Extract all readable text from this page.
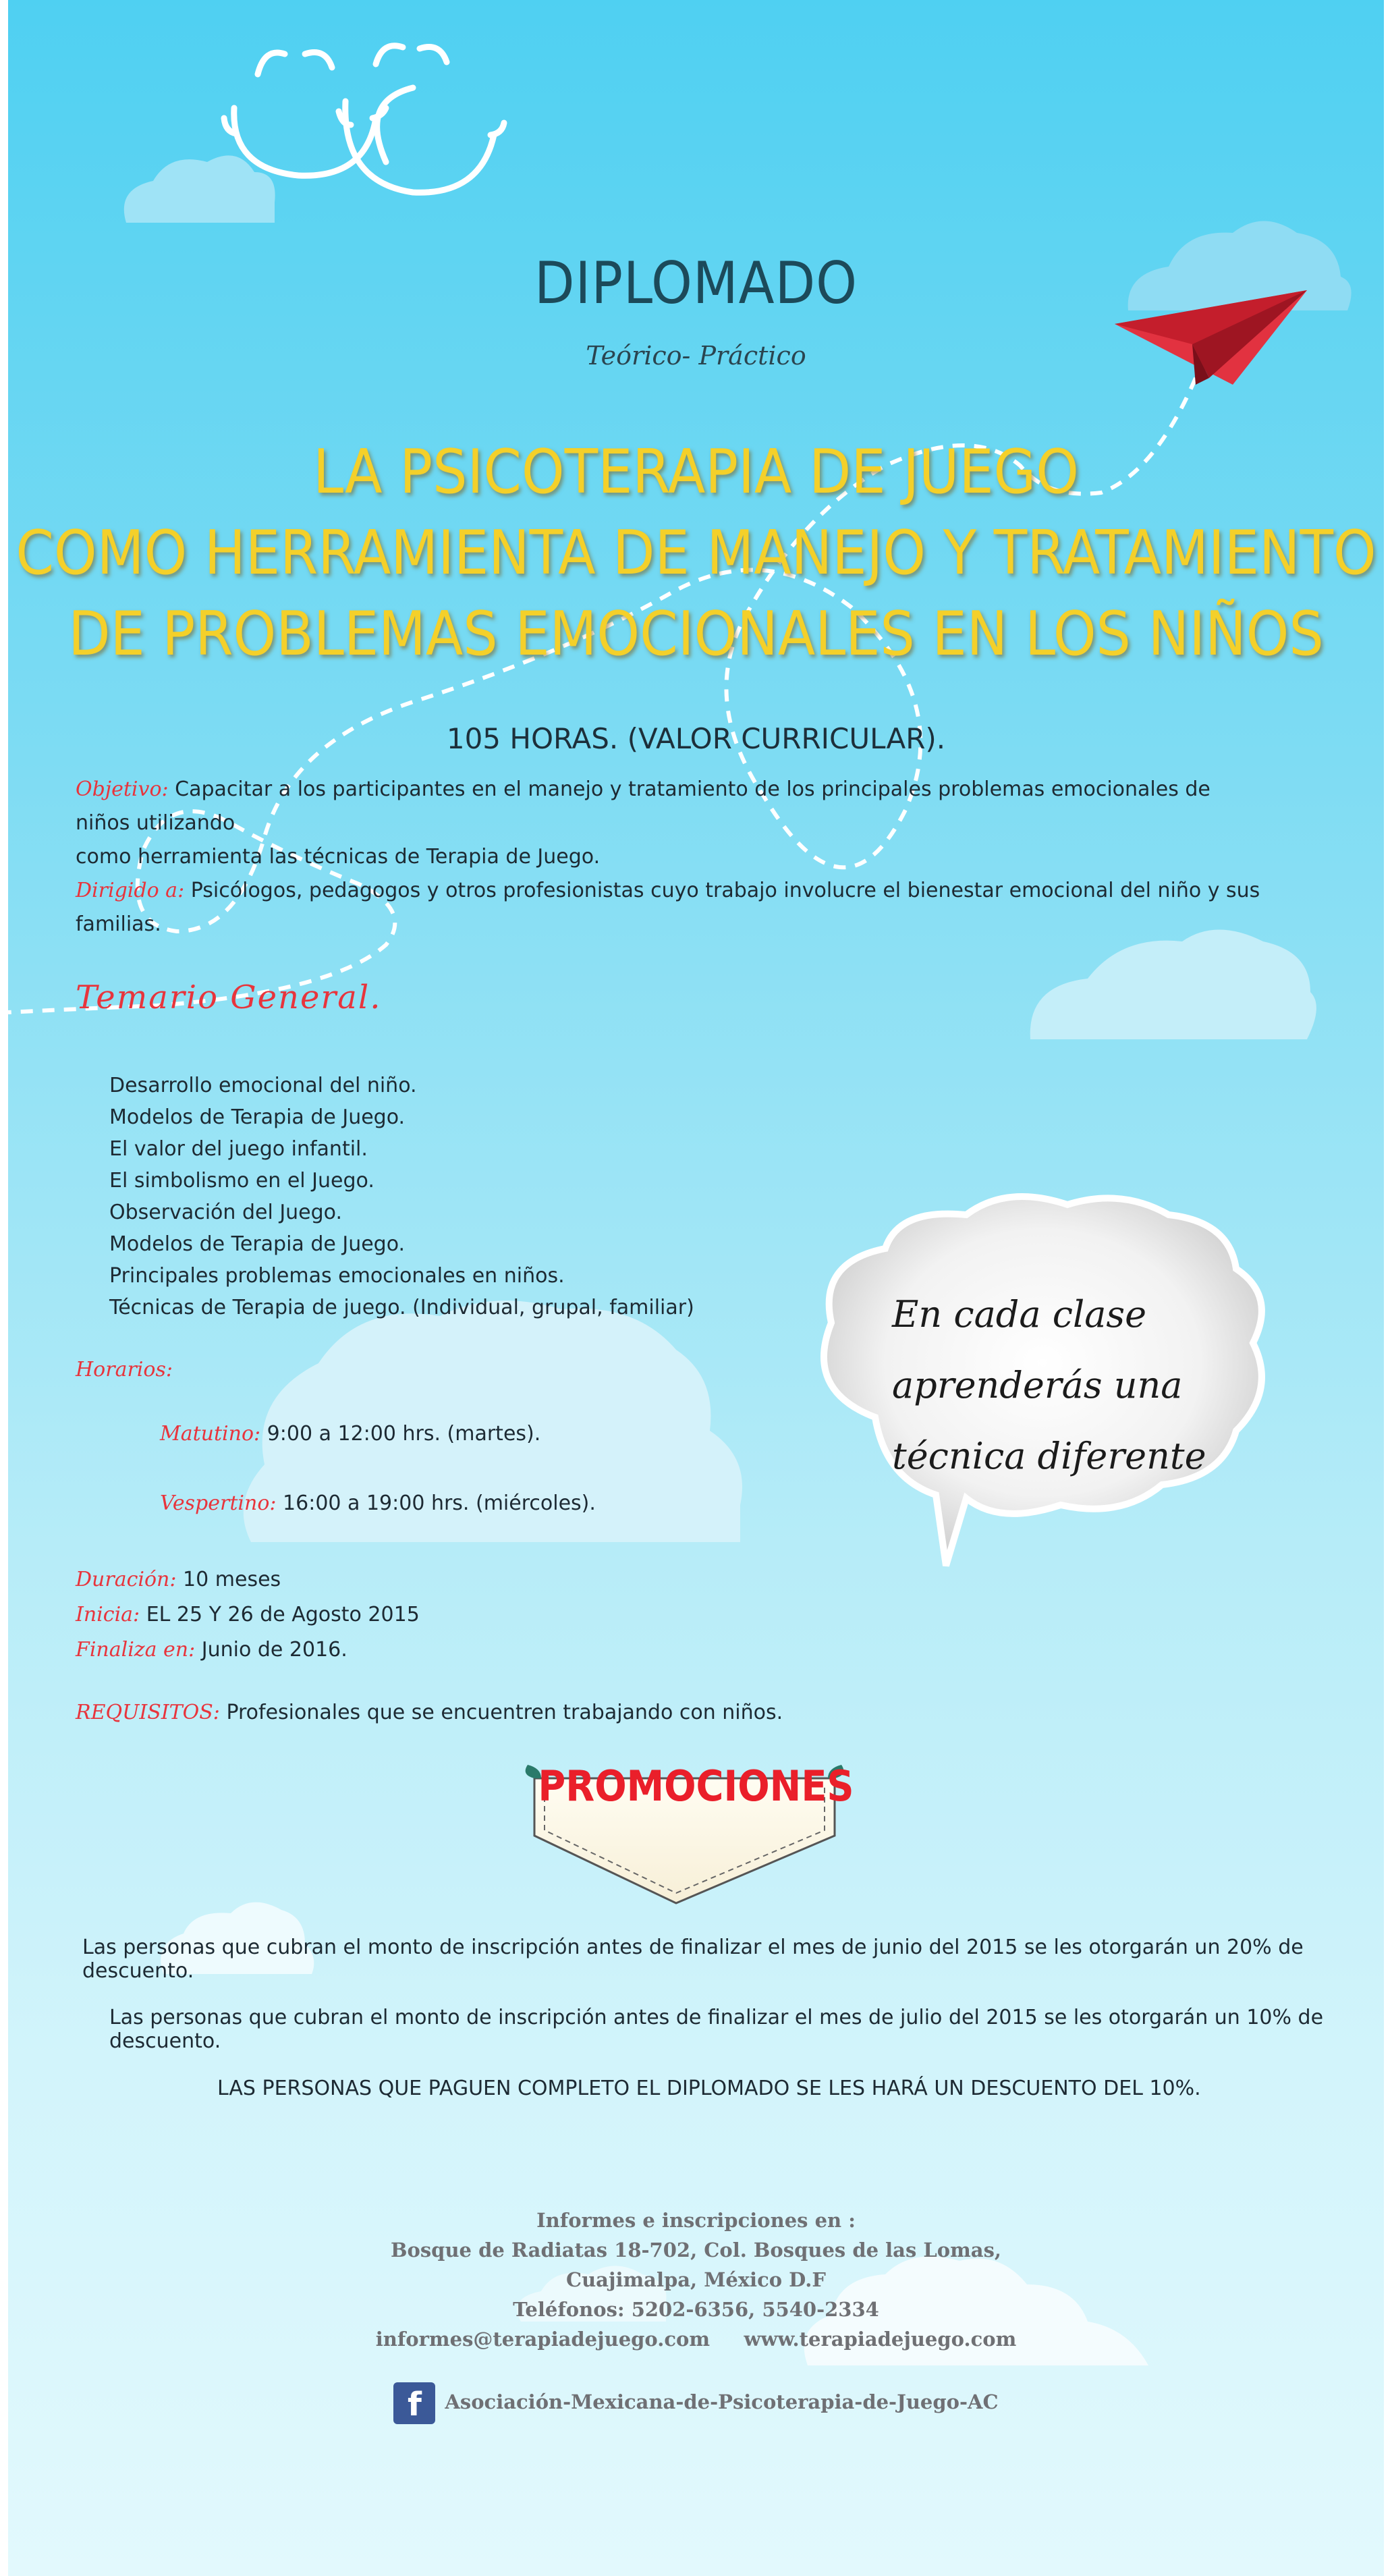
DIPLOMADO
Teórico- Práctico
LA PSICOTERAPIA DE JUEGO
COMO HERRAMIENTA DE MANEJO Y TRATAMIENTO
DE PROBLEMAS EMOCIONALES EN LOS NIÑOS
105 HORAS. (VALOR CURRICULAR).
Objetivo: Capacitar a los participantes en el manejo y tratamiento de los principales problemas emocionales de niños utilizando
como herramienta las técnicas de Terapia de Juego.
Dirigido a: Psicólogos, pedagogos y otros profesionistas cuyo trabajo involucre el bienestar emocional del niño y sus familias.
Temario General.
Desarrollo emocional del niño.
Modelos de Terapia de Juego.
El valor del juego infantil.
El simbolismo en el Juego.
Observación del Juego.
Modelos de Terapia de Juego.
Principales problemas emocionales en niños.
Técnicas de Terapia de juego. (Individual, grupal, familiar)
Horarios:
Matutino: 9:00 a 12:00 hrs. (martes).
Vespertino: 16:00 a 19:00 hrs. (miércoles).
Duración: 10 meses
Inicia: EL 25 Y 26 de Agosto 2015
Finaliza en: Junio de 2016.
REQUISITOS: Profesionales que se encuentren trabajando con niños.
En cada clase
aprenderás una
técnica diferente
PROMOCIONES
Las personas que cubran el monto de inscripción antes de finalizar el mes de junio del 2015 se les otorgarán un 20% de descuento.
Las personas que cubran el monto de inscripción antes de finalizar el mes de julio del 2015 se les otorgarán un 10% de descuento.
LAS PERSONAS QUE PAGUEN COMPLETO EL DIPLOMADO SE LES HARÁ UN DESCUENTO DEL 10%.
Informes e inscripciones en :
Bosque de Radiatas 18-702, Col. Bosques de las Lomas,
Cuajimalpa, México D.F
Teléfonos: 5202-6356, 5540-2334
informes@terapiadejuego.com www.terapiadejuego.com
f Asociación-Mexicana-de-Psicoterapia-de-Juego-AC
